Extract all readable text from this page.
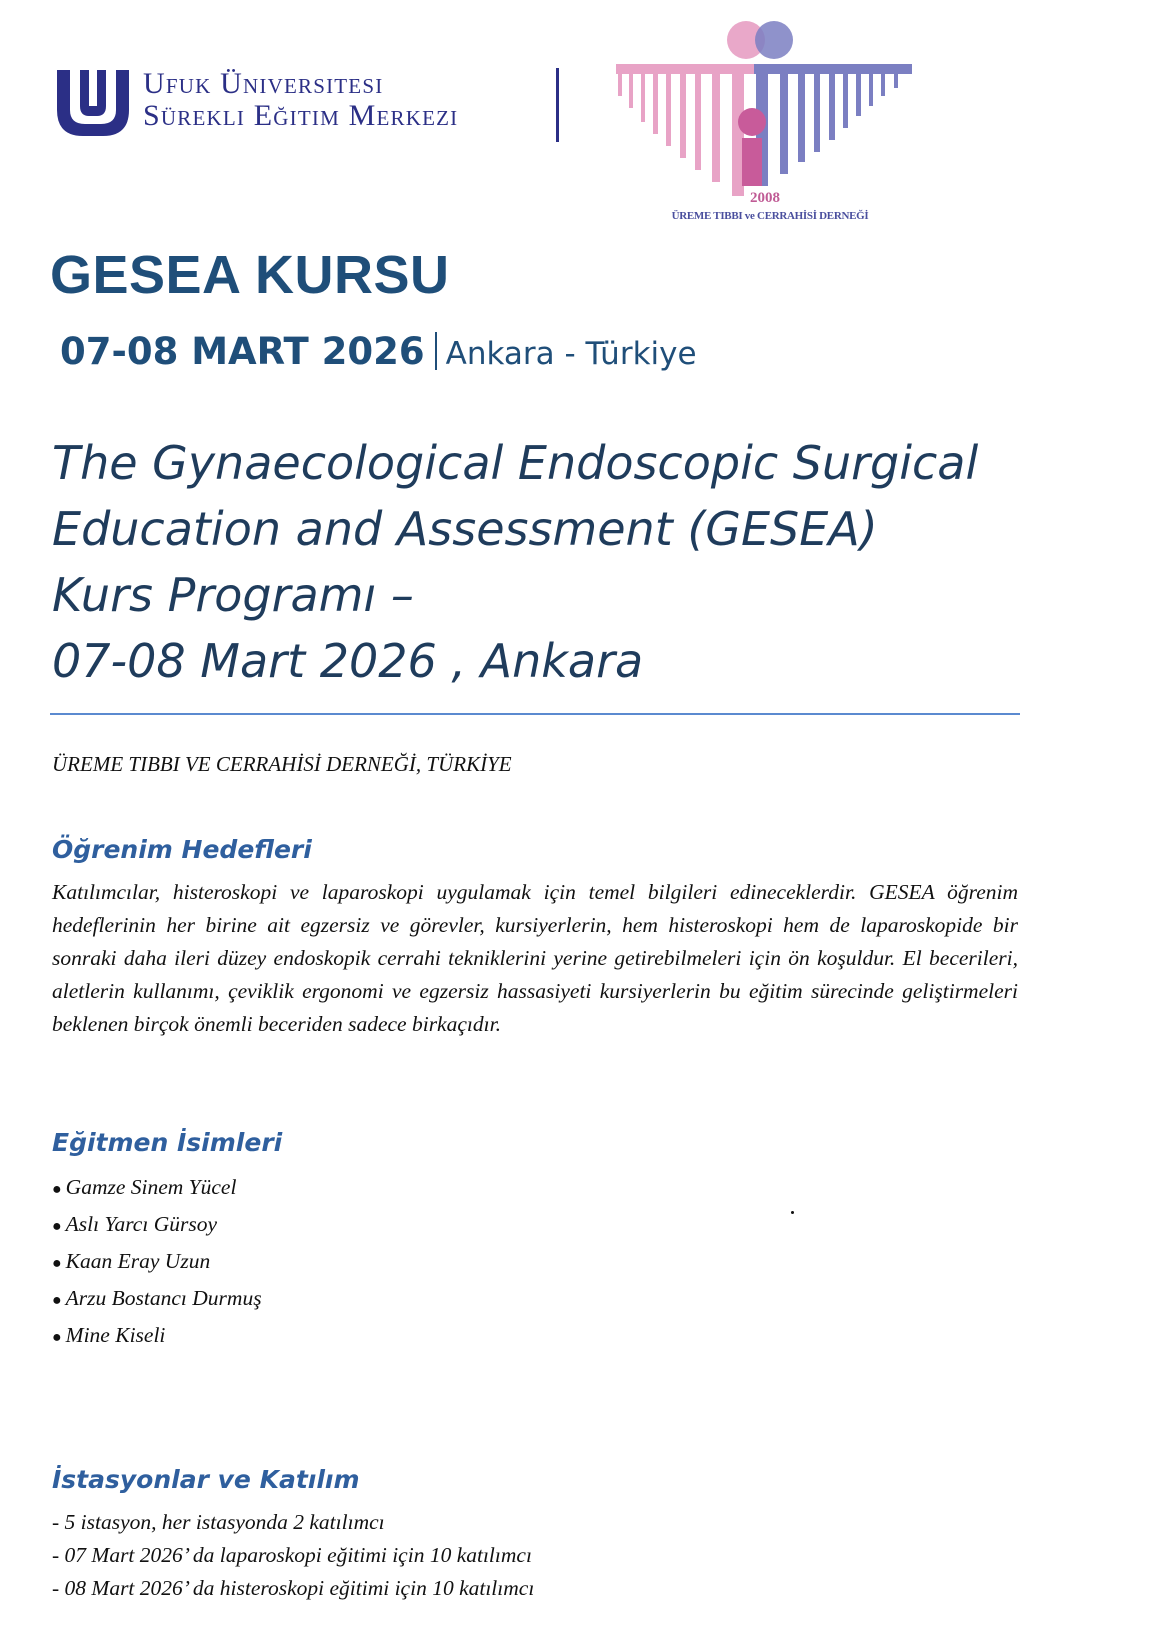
Ufuk Üniversitesi
Sürekli Eğitim Merkezi
2008
ÜREME TIBBI ve CERRAHİSİ DERNEĞİ
GESEA KURSU
07-08 MART 2026 Ankara - Türkiye
The Gynaecological Endoscopic Surgical
Education and Assessment (GESEA)
Kurs Programı –
07-08 Mart 2026 , Ankara
ÜREME TIBBI VE CERRAHİSİ DERNEĞİ, TÜRKİYE
Öğrenim Hedefleri
Katılımcılar, histeroskopi ve laparoskopi uygulamak için temel bilgileri edineceklerdir. GESEA öğrenim hedeflerinin her birine ait egzersiz ve görevler, kursiyerlerin, hem histeroskopi hem de laparoskopide bir sonraki daha ileri düzey endoskopik cerrahi tekniklerini yerine getirebilmeleri için ön koşuldur. El becerileri, aletlerin kullanımı, çeviklik ergonomi ve egzersiz hassasiyeti kursiyerlerin bu eğitim sürecinde geliştirmeleri beklenen birçok önemli beceriden sadece birkaçıdır.
Eğitmen İsimleri
● Gamze Sinem Yücel
● Aslı Yarcı Gürsoy
● Kaan Eray Uzun
● Arzu Bostancı Durmuş
● Mine Kiseli
İstasyonlar ve Katılım
- 5 istasyon, her istasyonda 2 katılımcı
- 07 Mart 2026’ da laparoskopi eğitimi için 10 katılımcı
- 08 Mart 2026’ da histeroskopi eğitimi için 10 katılımcı
